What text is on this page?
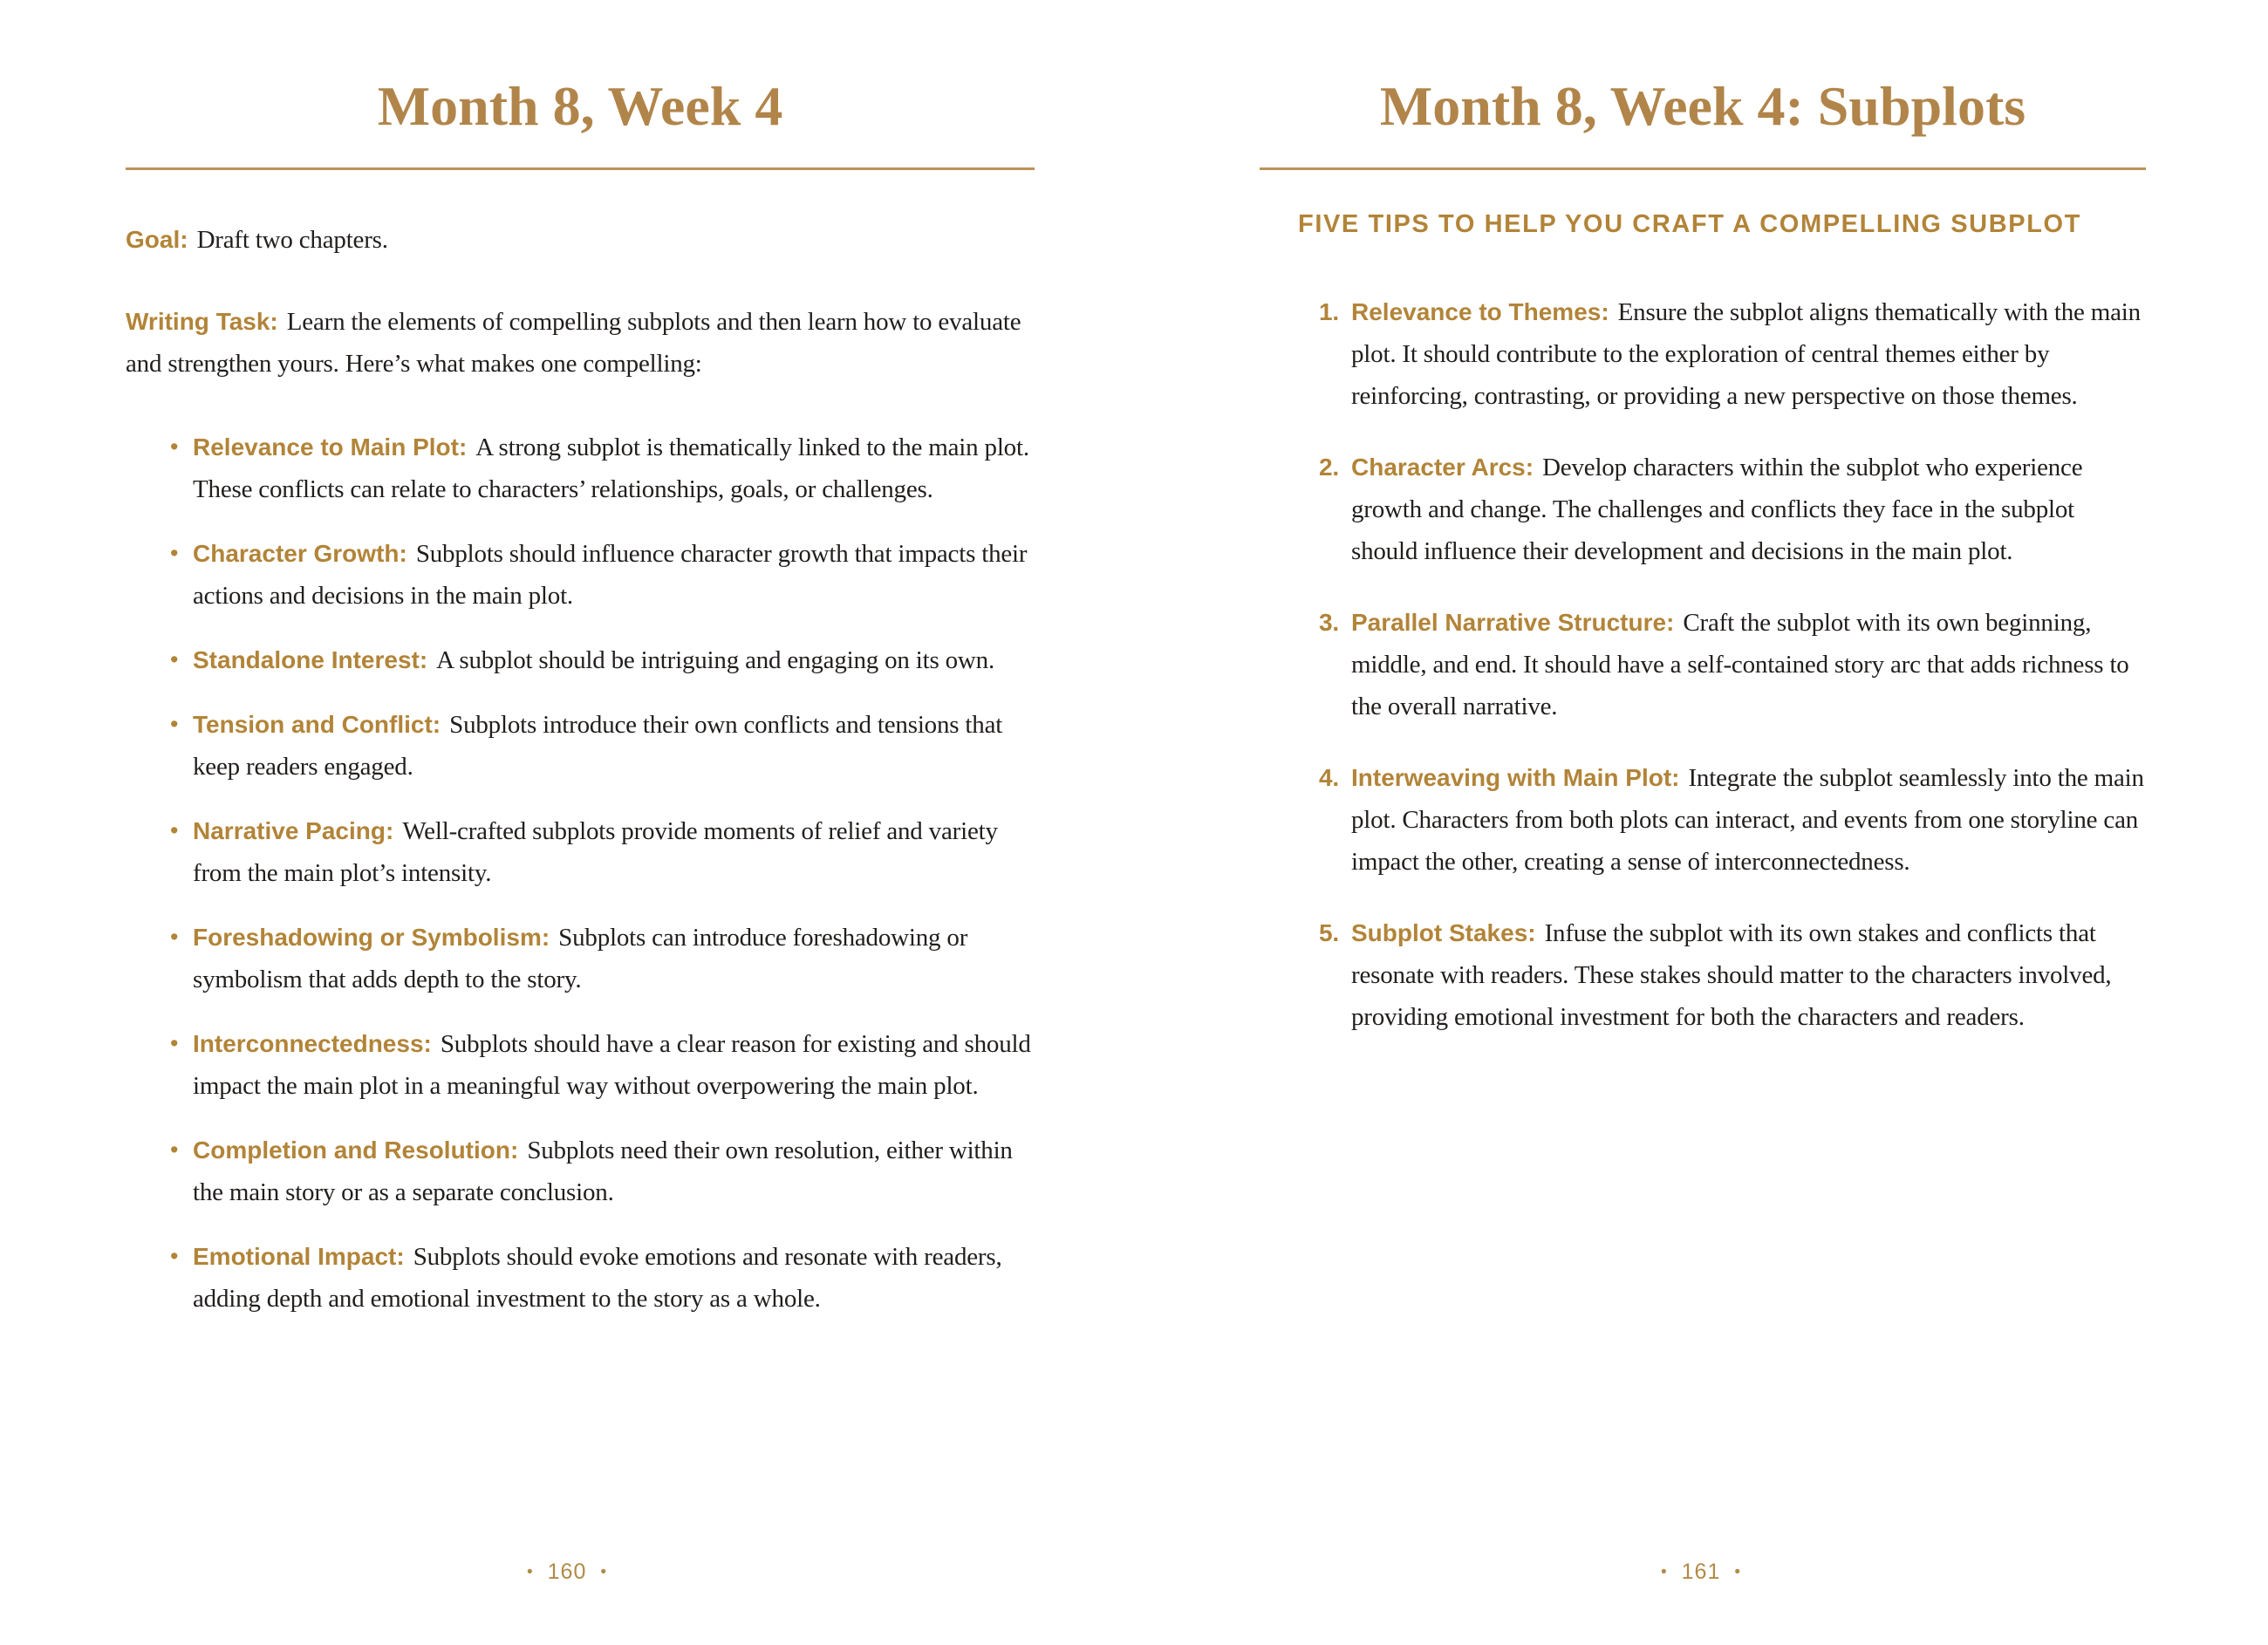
Month 8, Week 4
Goal: Draft two chapters.
Writing Task: Learn the elements of compelling subplots and then learn how to evaluate and strengthen yours. Here’s what makes one compelling:
• Relevance to Main Plot: A strong subplot is thematically linked to the main plot. These conflicts can relate to characters’ relationships, goals, or challenges.
• Character Growth: Subplots should influence character growth that impacts their actions and decisions in the main plot.
• Standalone Interest: A subplot should be intriguing and engaging on its own.
• Tension and Conflict: Subplots introduce their own conflicts and tensions that keep readers engaged.
• Narrative Pacing: Well-crafted subplots provide moments of relief and variety from the main plot’s intensity.
• Foreshadowing or Symbolism: Subplots can introduce foreshadowing or symbolism that adds depth to the story.
• Interconnectedness: Subplots should have a clear reason for existing and should impact the main plot in a meaningful way without overpowering the main plot.
• Completion and Resolution: Subplots need their own resolution, either within the main story or as a separate conclusion.
• Emotional Impact: Subplots should evoke emotions and resonate with readers, adding depth and emotional investment to the story as a whole.
• 160 •
Month 8, Week 4: Subplots
FIVE TIPS TO HELP YOU CRAFT A COMPELLING SUBPLOT
1. Relevance to Themes: Ensure the subplot aligns thematically with the main plot. It should contribute to the exploration of central themes either by reinforcing, contrasting, or providing a new perspective on those themes.
2. Character Arcs: Develop characters within the subplot who experience growth and change. The challenges and conflicts they face in the subplot should influence their development and decisions in the main plot.
3. Parallel Narrative Structure: Craft the subplot with its own beginning, middle, and end. It should have a self-contained story arc that adds richness to the overall narrative.
4. Interweaving with Main Plot: Integrate the subplot seamlessly into the main plot. Characters from both plots can interact, and events from one storyline can impact the other, creating a sense of interconnectedness.
5. Subplot Stakes: Infuse the subplot with its own stakes and conflicts that resonate with readers. These stakes should matter to the characters involved, providing emotional investment for both the characters and readers.
• 161 •
